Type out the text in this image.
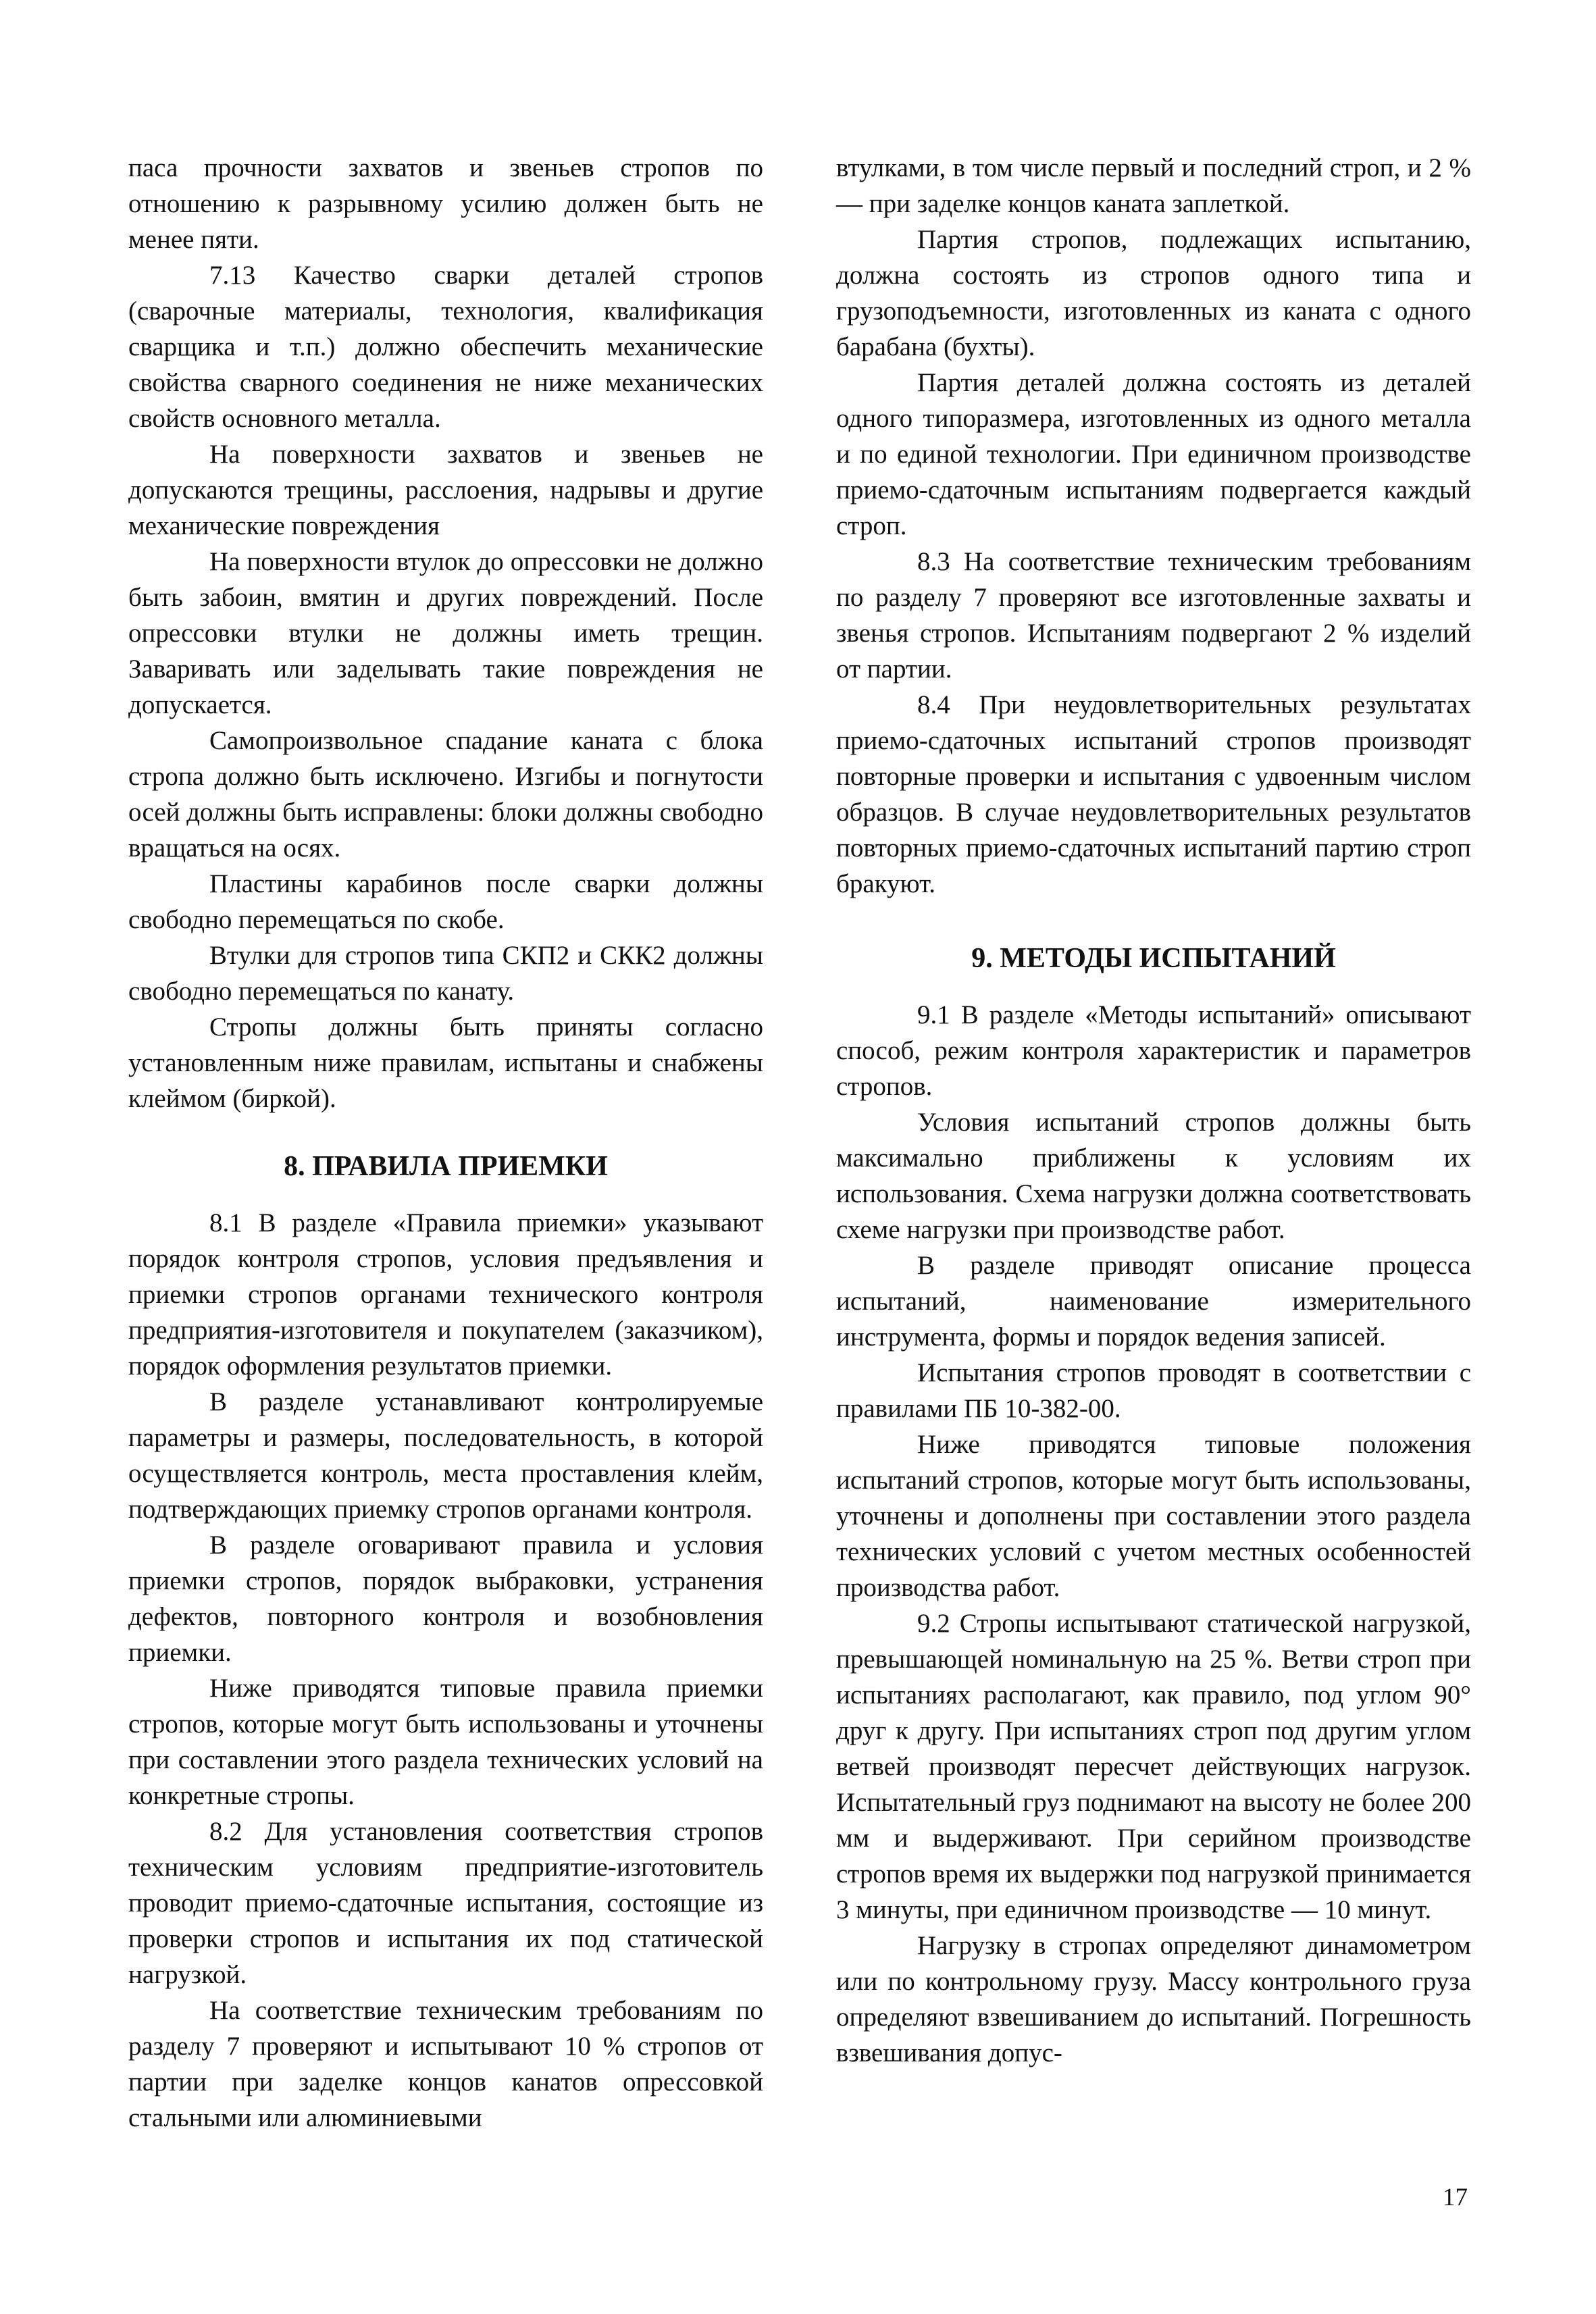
паса прочности захватов и звеньев стропов по отношению к разрывному усилию должен быть не менее пяти.

7.13 Качество сварки деталей стропов (сварочные материалы, технология, квалификация сварщика и т.п.) должно обеспечить механические свойства сварного соединения не ниже механических свойств основного металла.

На поверхности захватов и звеньев не допускаются трещины, расслоения, надрывы и другие механические повреждения

На поверхности втулок до опрессовки не должно быть забоин, вмятин и других повреждений. После опрессовки втулки не должны иметь трещин. Заваривать или заделывать такие повреждения не допускается.

Самопроизвольное спадание каната с блока стропа должно быть исключено. Изгибы и погнутости осей должны быть исправлены: блоки должны свободно вращаться на осях.

Пластины карабинов после сварки должны свободно перемещаться по скобе.

Втулки для стропов типа СКП2 и СКК2 должны свободно перемещаться по канату.

Стропы должны быть приняты согласно установленным ниже правилам, испытаны и снабжены клеймом (биркой).

8. ПРАВИЛА ПРИЕМКИ

8.1 В разделе «Правила приемки» указывают порядок контроля стропов, условия предъявления и приемки стропов органами технического контроля предприятия-изготовителя и покупателем (заказчиком), порядок оформления результатов приемки.

В разделе устанавливают контролируемые параметры и размеры, последовательность, в которой осуществляется контроль, места проставления клейм, подтверждающих приемку стропов органами контроля.

В разделе оговаривают правила и условия приемки стропов, порядок выбраковки, устранения дефектов, повторного контроля и возобновления приемки.

Ниже приводятся типовые правила приемки стропов, которые могут быть использованы и уточнены при составлении этого раздела технических условий на конкретные стропы.

8.2 Для установления соответствия стропов техническим условиям предприятие-изготовитель проводит приемо-сдаточные испытания, состоящие из проверки стропов и испытания их под статической нагрузкой.

На соответствие техническим требованиям по разделу 7 проверяют и испытывают 10 % стропов от партии при заделке концов канатов опрессовкой стальными или алюминиевыми

втулками, в том числе первый и последний строп, и 2 % — при заделке концов каната заплеткой.

Партия стропов, подлежащих испытанию, должна состоять из стропов одного типа и грузоподъемности, изготовленных из каната с одного барабана (бухты).

Партия деталей должна состоять из деталей одного типоразмера, изготовленных из одного металла и по единой технологии. При единичном производстве приемо-сдаточным испытаниям подвергается каждый строп.

8.3 На соответствие техническим требованиям по разделу 7 проверяют все изготовленные захваты и звенья стропов. Испытаниям подвергают 2 % изделий от партии.

8.4 При неудовлетворительных результатах приемо-сдаточных испытаний стропов производят повторные проверки и испытания с удвоенным числом образцов. В случае неудовлетворительных результатов повторных приемо-сдаточных испытаний партию строп бракуют.

9. МЕТОДЫ ИСПЫТАНИЙ

9.1 В разделе «Методы испытаний» описывают способ, режим контроля характеристик и параметров стропов.

Условия испытаний стропов должны быть максимально приближены к условиям их использования. Схема нагрузки должна соответствовать схеме нагрузки при производстве работ.

В разделе приводят описание процесса испытаний, наименование измерительного инструмента, формы и порядок ведения записей.

Испытания стропов проводят в соответствии с правилами ПБ 10-382-00.

Ниже приводятся типовые положения испытаний стропов, которые могут быть использованы, уточнены и дополнены при составлении этого раздела технических условий с учетом местных особенностей производства работ.

9.2 Стропы испытывают статической нагрузкой, превышающей номинальную на 25 %. Ветви строп при испытаниях располагают, как правило, под углом 90° друг к другу. При испытаниях строп под другим углом ветвей производят пересчет действующих нагрузок. Испытательный груз поднимают на высоту не более 200 мм и выдерживают. При серийном производстве стропов время их выдержки под нагрузкой принимается 3 минуты, при единичном производстве — 10 минут.

Нагрузку в стропах определяют динамометром или по контрольному грузу. Массу контрольного груза определяют взвешиванием до испытаний. Погрешность взвешивания допус-

17
